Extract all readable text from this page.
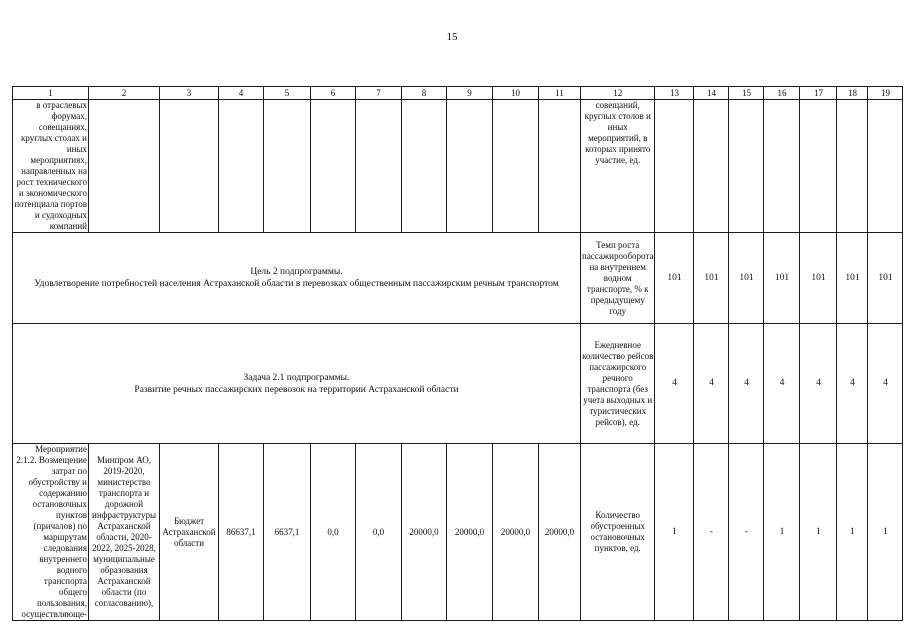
15
1	2	3	4	5	6	7	8	9	10	11	12	13	14	15	16	17	18	19
в отраслевых форумах, совещаниях, круглых столах и иных мероприятиях, направленных на рост технического и экономического потенциала портов и судоходных компаний											совещаний, круглых столов и иных мероприятий, в которых принято участие, ед.							

Цель 2 подпрограммы.
Удовлетворение потребностей населения Астраханской области в перевозках общественным пассажирским речным транспортом											Темп роста пассажирооборота на внутреннем водном транспорте, % к предыдущему году	101	101	101	101	101	101	101

Задача 2.1 подпрограммы.
Развитие речных пассажирских перевозок на территории Астраханской области											Ежедневное количество рейсов пассажирского речного транспорта (без учета выходных и туристических рейсов), ед.	4	4	4	4	4	4	4
Мероприятие 2.1.2. Возмещение затрат по обустройству и содержанию остановочных пунктов (причалов) по маршрутам следования внутреннего водного транспорта общего пользования, осуществляюще-	Минпром АО, 2019-2020, министерство транспорта и дорожной инфраструктуры Астраханской области, 2020-2022, 2025-2028, муниципальные образования Астраханской области (по согласованию),	Бюджет Астраханской области	86637,1	6637,1	0,0	0,0	20000,0	20000,0	20000,0	20000,0	Количество обустроенных остановочных пунктов, ед.	1	-	-	1	1	1	1
